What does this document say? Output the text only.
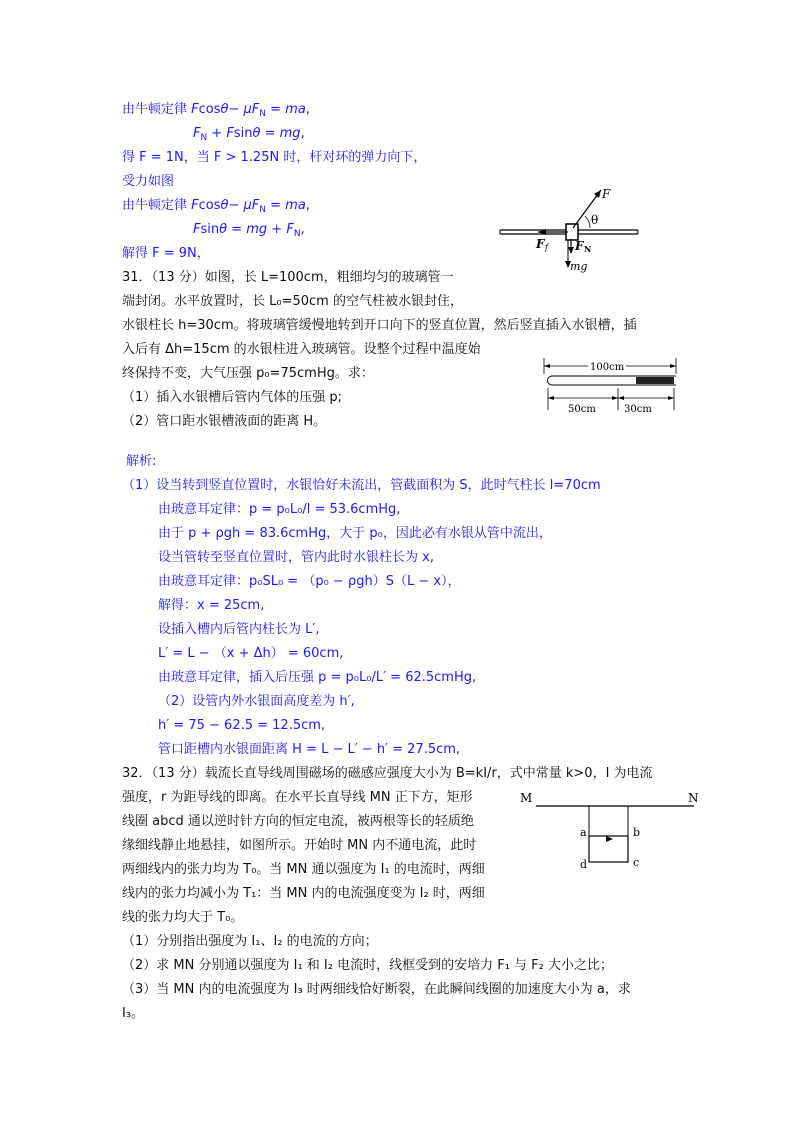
由牛顿定律 $Fcos\theta- \mu F_N$ = ma,
$F_N + Fsin\theta$ = mg,
得 F = 1N，当 F > 1.25N 时，杆对环的弹力向下，
受力如图
由牛顿定律 $Fcos\theta- \mu F_N$ = ma,
Fsinθ = mg + $F_N$,
解得 F = 9N，
F
θ
F f F N
mg
31．（13 分）如图，长 L=100cm，粗细均匀的玻璃管一
端封闭。水平放置时，长 L₀=50cm 的空气柱被水银封住，
水银柱长 h=30cm。将玻璃管缓慢地转到开口向下的竖直位置，然后竖直插入水银槽，插
入后有 Δh=15cm 的水银柱进入玻璃管。设整个过程中温度始
终保持不变，大气压强 p₀=75cmHg。求：
（1）插入水银槽后管内气体的压强 p;
（2）管口距水银槽液面的距离 H。
100cm
50cm	30cm
解析:
（1）设当转到竖直位置时，水银恰好未流出，管截面积为 S，此时气柱长 l=70cm
由玻意耳定律：p = p₀L₀/l = 53.6cmHg,
由于 p + ρgh = 83.6cmHg，大于 p₀，因此必有水银从管中流出，
设当管转至竖直位置时，管内此时水银柱长为 x,
由玻意耳定律：p₀SL₀ = （p₀ − ρgh）S（L − x），
解得：x = 25cm,
设插入槽内后管内柱长为 L′,
L′ = L − （x + Δh） = 60cm,
由玻意耳定律，插入后压强 p = p₀L₀/L′ = 62.5cmHg,
（2）设管内外水银面高度差为 h′,
h′ = 75 − 62.5 = 12.5cm,
管口距槽内水银面距离 H = L − L′ − h′ = 27.5cm,
32．（13 分）载流长直导线周围磁场的磁感应强度大小为 B=kI/r，式中常量 k>0，I 为电流
强度，r 为距导线的即离。在水平长直导线 MN 正下方，矩形
线圈 abcd 通以逆时针方向的恒定电流，被两根等长的轻质绝
缘细线静止地悬挂，如图所示。开始时 MN 内不通电流，此时
两细线内的张力均为 T₀。当 MN 通以强度为 I₁ 的电流时，两细
线内的张力均减小为 T₁：当 MN 内的电流强度变为 I₂ 时，两细
线的张力均大于 T₀。
（1）分别指出强度为 I₁、I₂ 的电流的方向；
（2）求 MN 分别通以强度为 I₁ 和 I₂ 电流时，线框受到的安培力 F₁ 与 F₂ 大小之比；
（3）当 MN 内的电流强度为 I₃ 时两细线恰好断裂，在此瞬间线圈的加速度大小为 a，求
I₃。
M	N
a	b
c
d
